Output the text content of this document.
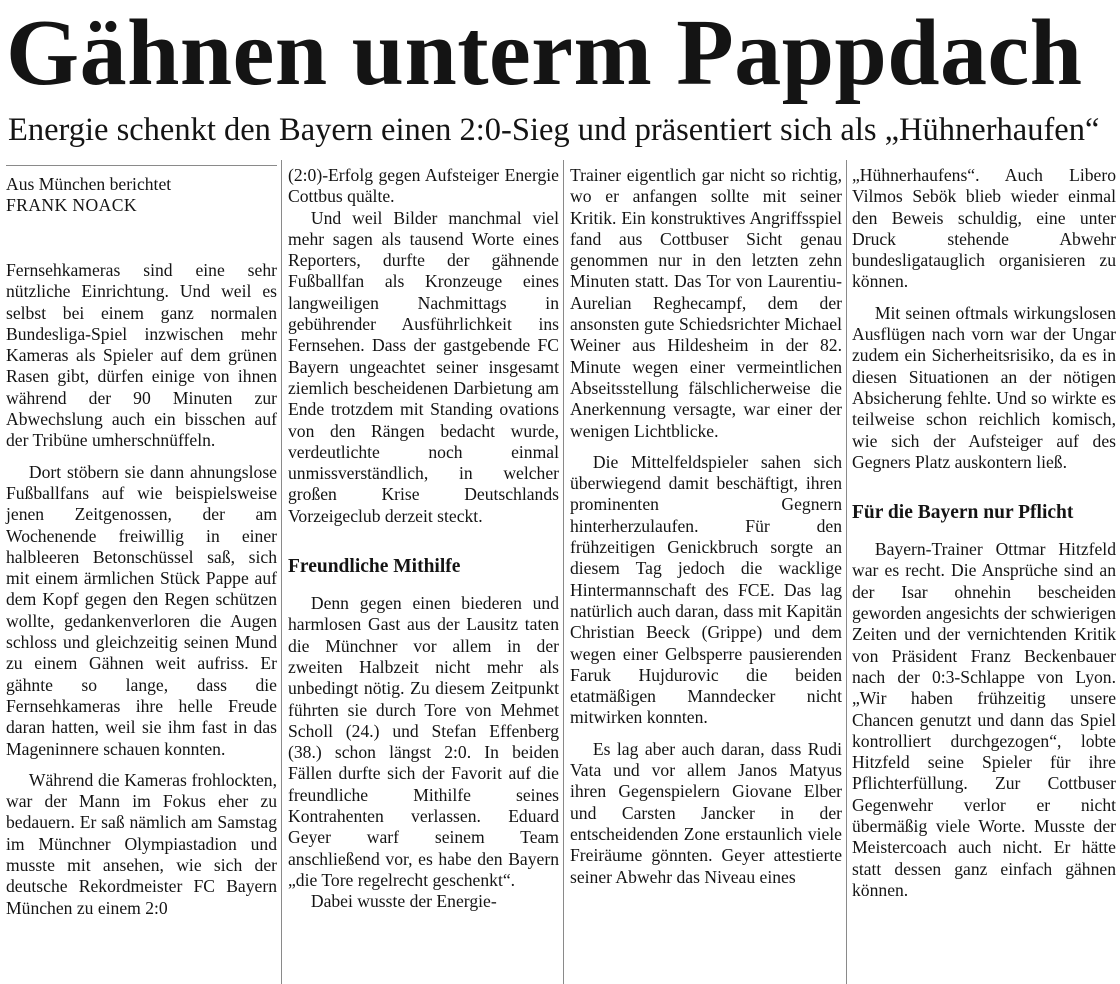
Gähnen unterm Pappdach
Energie schenkt den Bayern einen 2:0-Sieg und präsentiert sich als „Hühnerhaufen“
Aus München berichtet
FRANK NOACK

Fernsehkameras sind eine sehr nützliche Einrichtung. Und weil es selbst bei einem ganz normalen Bundesliga-Spiel inzwischen mehr Kameras als Spieler auf dem grünen Rasen gibt, dürfen einige von ihnen während der 90 Minuten zur Abwechslung auch ein bisschen auf der Tribüne umherschnüffeln.

Dort stöbern sie dann ahnungslose Fußballfans auf wie beispielsweise jenen Zeitgenossen, der am Wochenende freiwillig in einer halbleeren Betonschüssel saß, sich mit einem ärmlichen Stück Pappe auf dem Kopf gegen den Regen schützen wollte, gedankenverloren die Augen schloss und gleichzeitig seinen Mund zu einem Gähnen weit aufriss. Er gähnte so lange, dass die Fernsehkameras ihre helle Freude daran hatten, weil sie ihm fast in das Mageninnere schauen konnten.

Während die Kameras frohlockten, war der Mann im Fokus eher zu bedauern. Er saß nämlich am Samstag im Münchner Olympiastadion und musste mit ansehen, wie sich der deutsche Rekordmeister FC Bayern München zu einem 2:0

(2:0)-Erfolg gegen Aufsteiger Energie Cottbus quälte.

Und weil Bilder manchmal viel mehr sagen als tausend Worte eines Reporters, durfte der gähnende Fußballfan als Kronzeuge eines langweiligen Nachmittags in gebührender Ausführlichkeit ins Fernsehen. Dass der gastgebende FC Bayern ungeachtet seiner insgesamt ziemlich bescheidenen Darbietung am Ende trotzdem mit Standing ovations von den Rängen bedacht wurde, verdeutlichte noch einmal unmissverständlich, in welcher großen Krise Deutschlands Vorzeigeclub derzeit steckt.

Freundliche Mithilfe

Denn gegen einen biederen und harmlosen Gast aus der Lausitz taten die Münchner vor allem in der zweiten Halbzeit nicht mehr als unbedingt nötig. Zu diesem Zeitpunkt führten sie durch Tore von Mehmet Scholl (24.) und Stefan Effenberg (38.) schon längst 2:0. In beiden Fällen durfte sich der Favorit auf die freundliche Mithilfe seines Kontrahenten verlassen. Eduard Geyer warf seinem Team anschließend vor, es habe den Bayern „die Tore regelrecht geschenkt“.

Dabei wusste der Energie-

Trainer eigentlich gar nicht so richtig, wo er anfangen sollte mit seiner Kritik. Ein konstruktives Angriffsspiel fand aus Cottbuser Sicht genau genommen nur in den letzten zehn Minuten statt. Das Tor von Laurentiu-Aurelian Reghecampf, dem der ansonsten gute Schiedsrichter Michael Weiner aus Hildesheim in der 82. Minute wegen einer vermeintlichen Abseitsstellung fälschlicherweise die Anerkennung versagte, war einer der wenigen Lichtblicke.

Die Mittelfeldspieler sahen sich überwiegend damit beschäftigt, ihren prominenten Gegnern hinterherzulaufen. Für den frühzeitigen Genickbruch sorgte an diesem Tag jedoch die wacklige Hintermannschaft des FCE. Das lag natürlich auch daran, dass mit Kapitän Christian Beeck (Grippe) und dem wegen einer Gelbsperre pausierenden Faruk Hujdurovic die beiden etatmäßigen Manndecker nicht mitwirken konnten.

Es lag aber auch daran, dass Rudi Vata und vor allem Janos Matyus ihren Gegenspielern Giovane Elber und Carsten Jancker in der entscheidenden Zone erstaunlich viele Freiräume gönnten. Geyer attestierte seiner Abwehr das Niveau eines

„Hühnerhaufens“. Auch Libero Vilmos Sebök blieb wieder einmal den Beweis schuldig, eine unter Druck stehende Abwehr bundesligatauglich organisieren zu können.

Mit seinen oftmals wirkungslosen Ausflügen nach vorn war der Ungar zudem ein Sicherheitsrisiko, da es in diesen Situationen an der nötigen Absicherung fehlte. Und so wirkte es teilweise schon reichlich komisch, wie sich der Aufsteiger auf des Gegners Platz auskontern ließ.

Für die Bayern nur Pflicht

Bayern-Trainer Ottmar Hitzfeld war es recht. Die Ansprüche sind an der Isar ohnehin bescheiden geworden angesichts der schwierigen Zeiten und der vernichtenden Kritik von Präsident Franz Beckenbauer nach der 0:3-Schlappe von Lyon. „Wir haben frühzeitig unsere Chancen genutzt und dann das Spiel kontrolliert durchgezogen“, lobte Hitzfeld seine Spieler für ihre Pflichterfüllung. Zur Cottbuser Gegenwehr verlor er nicht übermäßig viele Worte. Musste der Meistercoach auch nicht. Er hätte statt dessen ganz einfach gähnen können.
